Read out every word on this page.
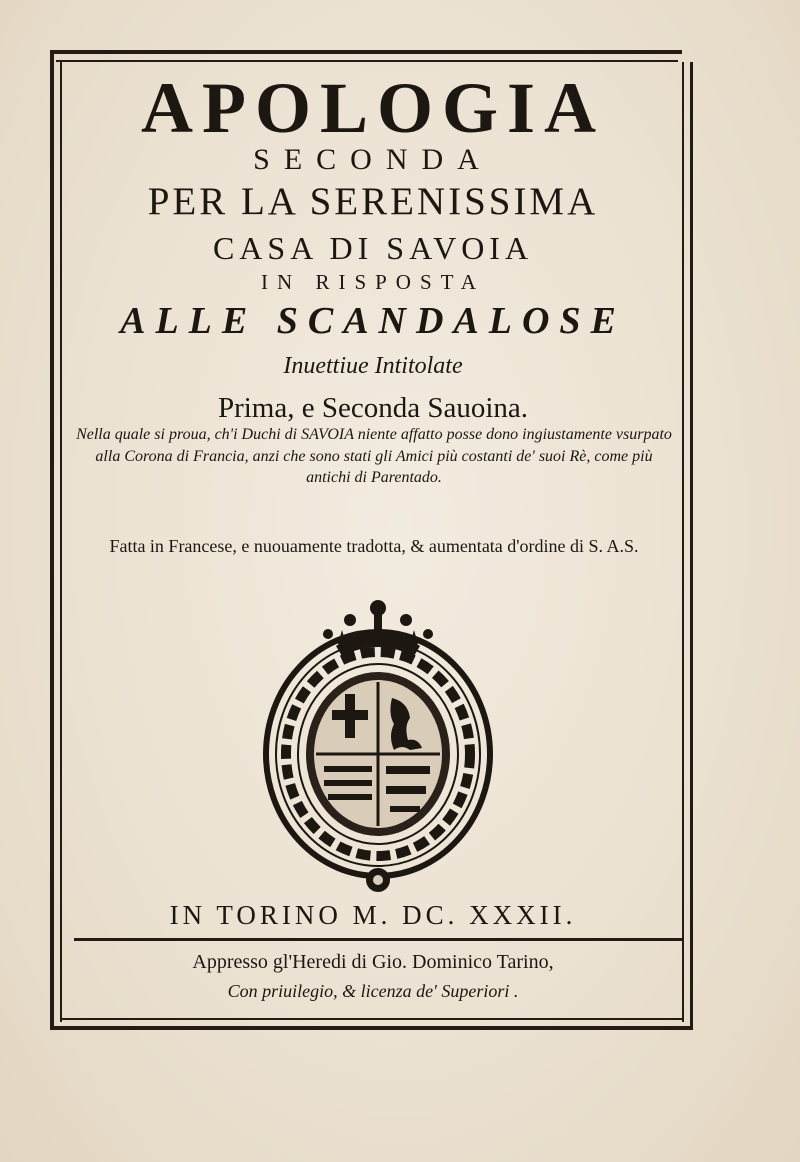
APOLOGIA
SECONDA
PER LA SERENISSIMA
CASA DI SAVOIA
IN RISPOSTA
ALLE SCANDALOSE
Inuettiue Intitolate
Prima, e Seconda Sauoina.
Nella quale si proua, ch'i Duchi di SAVOIA niente affatto posse dono ingiustamente vsurpato alla Corona di Francia, anzi che sono stati gli Amici più costanti de' suoi Rè, come più antichi di Parentado.
Fatta in Francese, e nuouamente tradotta, & aumentata d'ordine di S. A.S.
IN TORINO M. DC. XXXII.
Appresso gl'Heredi di Gio. Dominico Tarino,
Con priuilegio, & licenza de' Superiori .
